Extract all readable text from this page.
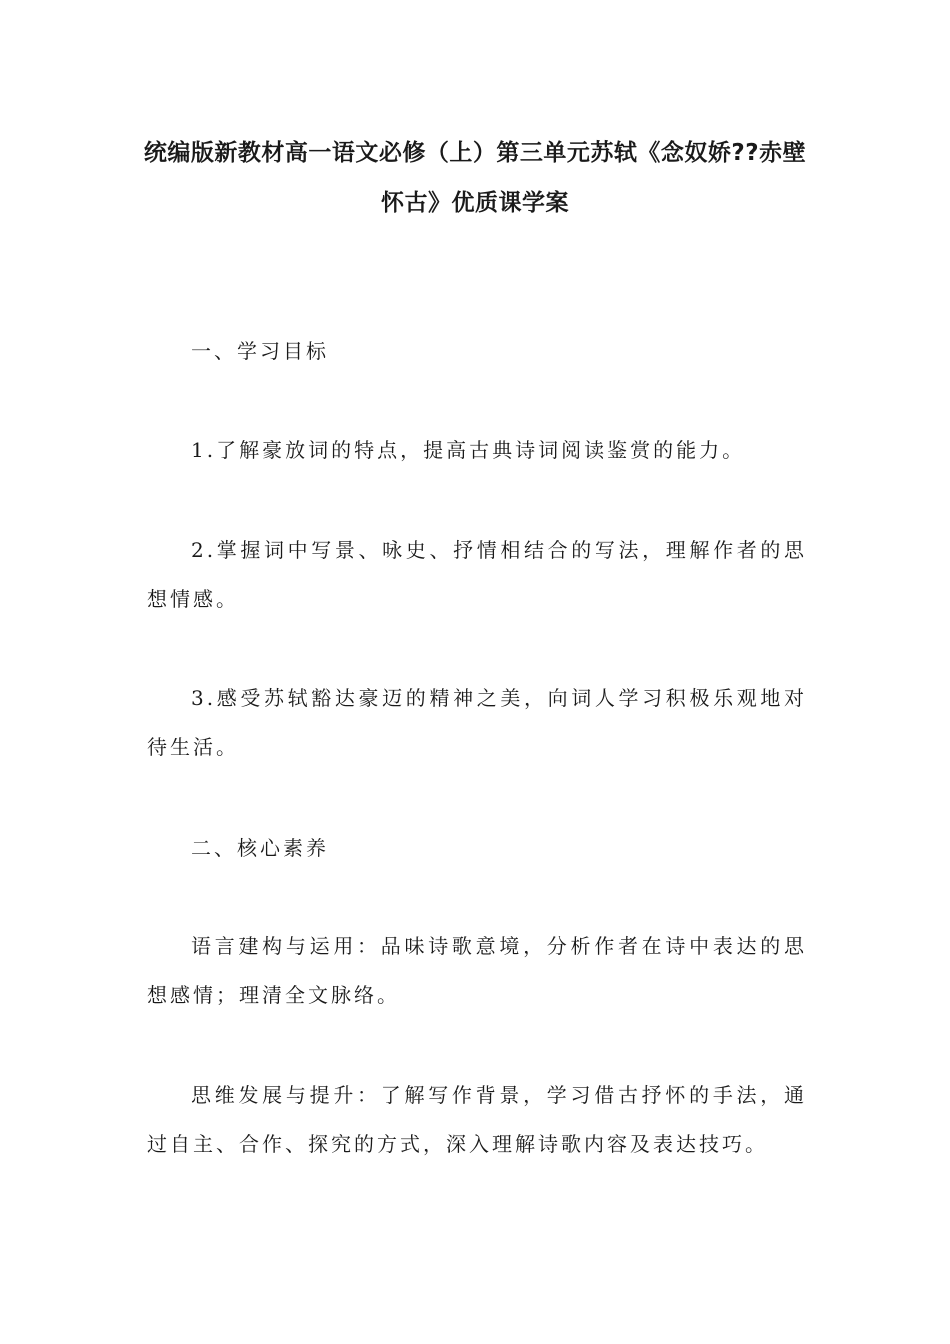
统编版新教材高一语文必修（上）第三单元苏轼《念奴娇??赤壁怀古》优质课学案

一、学习目标

1.了解豪放词的特点，提高古典诗词阅读鉴赏的能力。

2.掌握词中写景、咏史、抒情相结合的写法，理解作者的思想情感。

3.感受苏轼豁达豪迈的精神之美，向词人学习积极乐观地对待生活。

二、核心素养

语言建构与运用：品味诗歌意境，分析作者在诗中表达的思想感情；理清全文脉络。

思维发展与提升：了解写作背景，学习借古抒怀的手法，通过自主、合作、探究的方式，深入理解诗歌内容及表达技巧。
